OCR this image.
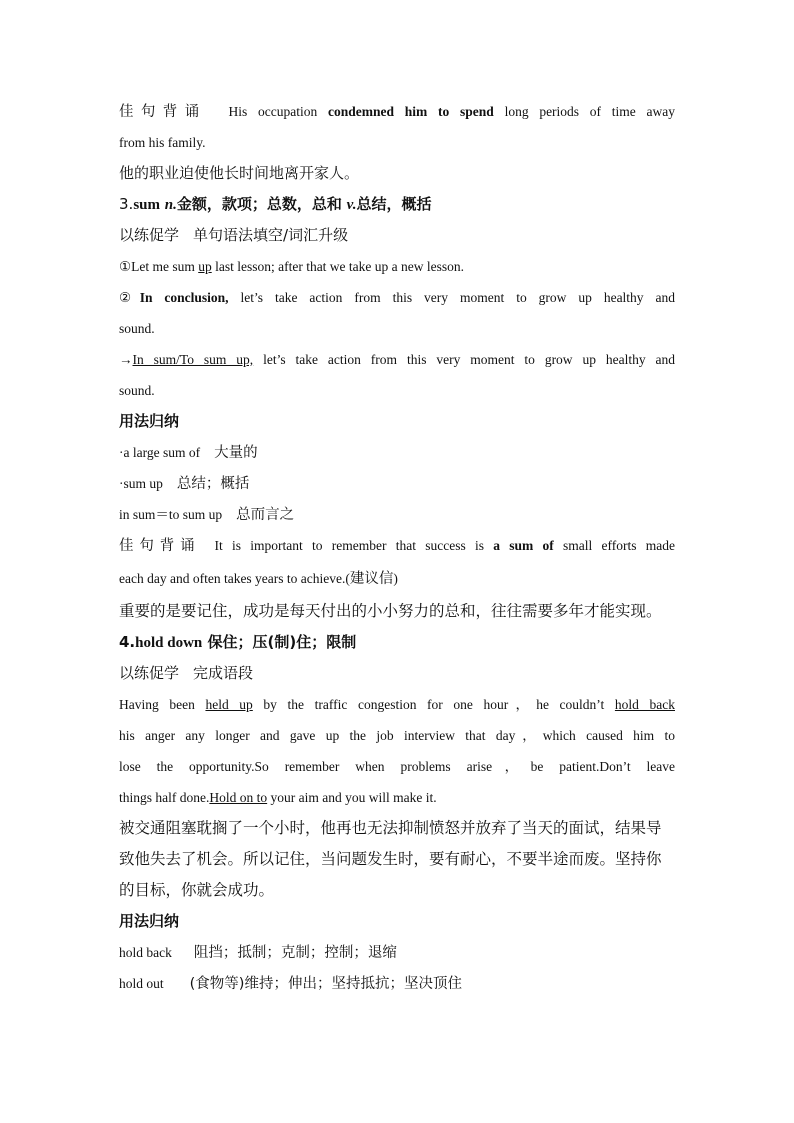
佳句背诵 His occupation condemned him to spend long periods of time away
from his family.
他的职业迫使他长时间地离开家人。
3.sum n.金额，款项；总数，总和 v.总结，概括
以练促学 单句语法填空/词汇升级
①Let me sum up last lesson; after that we take up a new lesson.
②In conclusion, let’s take action from this very moment to grow up healthy and
sound.
→In sum/To sum up, let’s take action from this very moment to grow up healthy and
sound.
用法归纳
·a large sum of 大量的
·sum up 总结；概括
in sum＝to sum up 总而言之
佳句背诵 It is important to remember that success is a sum of small efforts made
each day and often takes years to achieve.(建议信)
重要的是要记住，成功是每天付出的小小努力的总和，往往需要多年才能实现。
4.hold down 保住；压(制)住；限制
以练促学 完成语段
Having been held up by the traffic congestion for one hour，he couldn’t hold back
his anger any longer and gave up the job interview that day，which caused him to
lose the opportunity.So remember when problems arise，be patient.Don’t leave
things half done.Hold on to your aim and you will make it.
被交通阻塞耽搁了一个小时，他再也无法抑制愤怒并放弃了当天的面试，结果导
致他失去了机会。所以记住，当问题发生时，要有耐心，不要半途而废。坚持你
的目标，你就会成功。
用法归纳
hold back 阻挡；抵制；克制；控制；退缩
hold out (食物等)维持；伸出；坚持抵抗；坚决顶住
